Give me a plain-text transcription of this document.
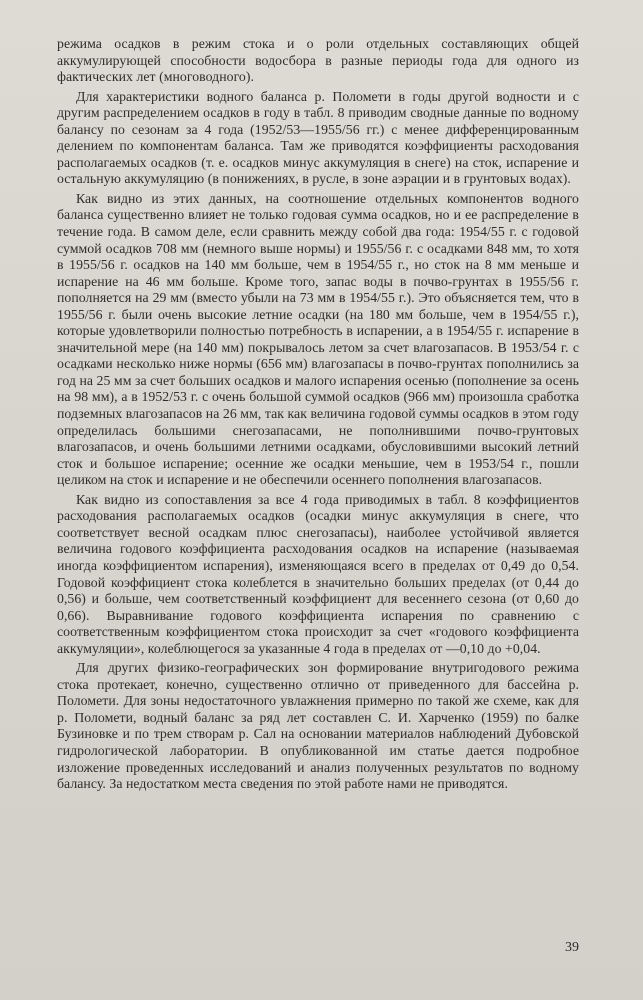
режима осадков в режим стока и о роли отдельных составляющих общей аккумулирующей способности водосбора в разные периоды года для одного из фактических лет (многоводного).

Для характеристики водного баланса р. Поломети в годы другой водности и с другим распределением осадков в году в табл. 8 приводим сводные данные по водному балансу по сезонам за 4 года (1952/53—1955/56 гг.) с менее дифференцированным делением по компонентам баланса. Там же приводятся коэффициенты расходования располагаемых осадков (т. е. осадков минус аккумуляция в снеге) на сток, испарение и остальную аккумуляцию (в понижениях, в русле, в зоне аэрации и в грунтовых водах).

Как видно из этих данных, на соотношение отдельных компонентов водного баланса существенно влияет не только годовая сумма осадков, но и ее распределение в течение года. В самом деле, если сравнить между собой два года: 1954/55 г. с годовой суммой осадков 708 мм (немного выше нормы) и 1955/56 г. с осадками 848 мм, то хотя в 1955/56 г. осадков на 140 мм больше, чем в 1954/55 г., но сток на 8 мм меньше и испарение на 46 мм больше. Кроме того, запас воды в почво-грунтах в 1955/56 г. пополняется на 29 мм (вместо убыли на 73 мм в 1954/55 г.). Это объясняется тем, что в 1955/56 г. были очень высокие летние осадки (на 180 мм больше, чем в 1954/55 г.), которые удовлетворили полностью потребность в испарении, а в 1954/55 г. испарение в значительной мере (на 140 мм) покрывалось летом за счет влагозапасов. В 1953/54 г. с осадками несколько ниже нормы (656 мм) влагозапасы в почво-грунтах пополнились за год на 25 мм за счет больших осадков и малого испарения осенью (пополнение за осень на 98 мм), а в 1952/53 г. с очень большой суммой осадков (966 мм) произошла сработка подземных влагозапасов на 26 мм, так как величина годовой суммы осадков в этом году определилась большими снегозапасами, не пополнившими почво-грунтовых влагозапасов, и очень большими летними осадками, обусловившими высокий летний сток и большое испарение; осенние же осадки меньшие, чем в 1953/54 г., пошли целиком на сток и испарение и не обеспечили осеннего пополнения влагозапасов.

Как видно из сопоставления за все 4 года приводимых в табл. 8 коэффициентов расходования располагаемых осадков (осадки минус аккумуляция в снеге, что соответствует весной осадкам плюс снегозапасы), наиболее устойчивой является величина годового коэффициента расходования осадков на испарение (называемая иногда коэффициентом испарения), изменяющаяся всего в пределах от 0,49 до 0,54. Годовой коэффициент стока колеблется в значительно больших пределах (от 0,44 до 0,56) и больше, чем соответственный коэффициент для весеннего сезона (от 0,60 до 0,66). Выравнивание годового коэффициента испарения по сравнению с соответственным коэффициентом стока происходит за счет «годового коэффициента аккумуляции», колеблющегося за указанные 4 года в пределах от —0,10 до +0,04.

Для других физико-географических зон формирование внутригодового режима стока протекает, конечно, существенно отлично от приведенного для бассейна р. Поломети. Для зоны недостаточного увлажнения примерно по такой же схеме, как для р. Поломети, водный баланс за ряд лет составлен С. И. Харченко (1959) по балке Бузиновке и по трем створам р. Сал на основании материалов наблюдений Дубовской гидрологической лаборатории. В опубликованной им статье дается подробное изложение проведенных исследований и анализ полученных результатов по водному балансу. За недостатком места сведения по этой работе нами не приводятся.

39
